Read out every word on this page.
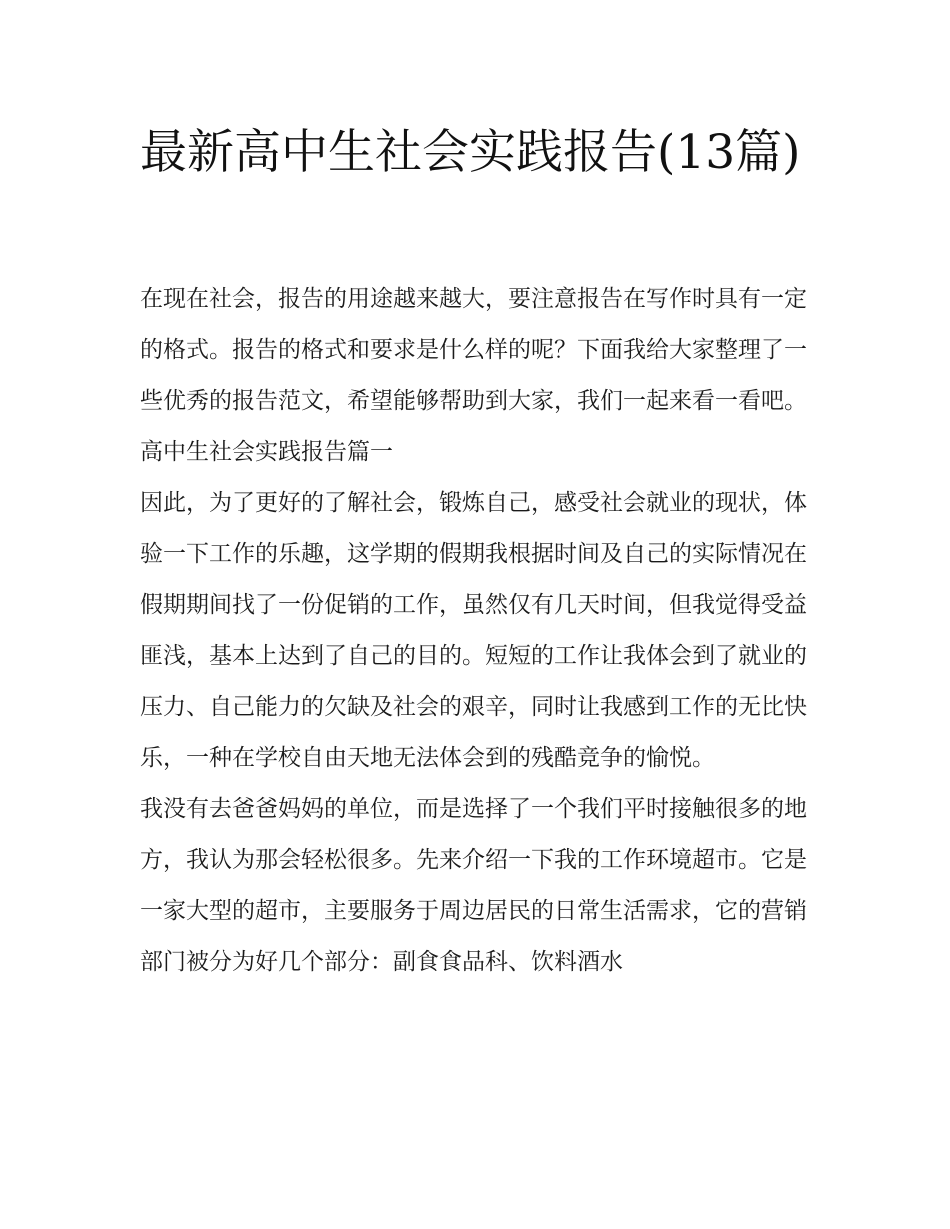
最新高中生社会实践报告(13篇)

在现在社会，报告的用途越来越大，要注意报告在写作时具有一定的格式。报告的格式和要求是什么样的呢？下面我给大家整理了一些优秀的报告范文，希望能够帮助到大家，我们一起来看一看吧。

高中生社会实践报告篇一

因此，为了更好的了解社会，锻炼自己，感受社会就业的现状，体验一下工作的乐趣，这学期的假期我根据时间及自己的实际情况在假期期间找了一份促销的工作，虽然仅有几天时间，但我觉得受益匪浅，基本上达到了自己的目的。短短的工作让我体会到了就业的压力、自己能力的欠缺及社会的艰辛，同时让我感到工作的无比快乐，一种在学校自由天地无法体会到的残酷竞争的愉悦。

我没有去爸爸妈妈的单位，而是选择了一个我们平时接触很多的地方，我认为那会轻松很多。先来介绍一下我的工作环境超市。它是一家大型的超市，主要服务于周边居民的日常生活需求，它的营销部门被分为好几个部分：副食食品科、饮料酒水
